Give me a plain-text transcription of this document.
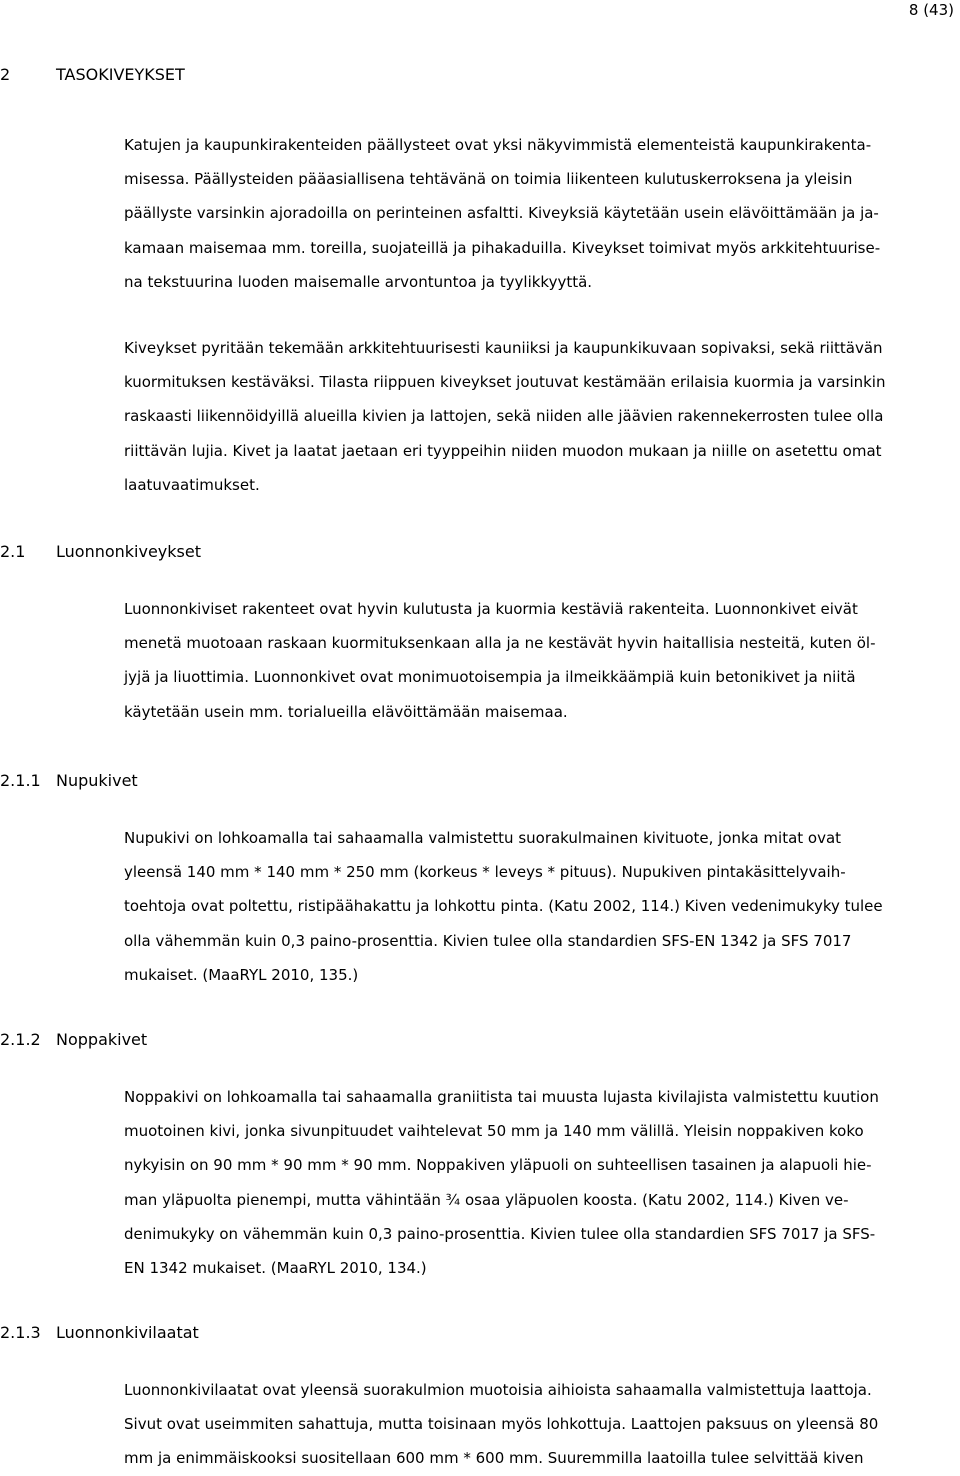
8 (43)
2	TASOKIVEYKSET
Katujen ja kaupunkirakenteiden päällysteet ovat yksi näkyvimmistä elementeistä kaupunkirakenta-
misessa. Päällysteiden pääasiallisena tehtävänä on toimia liikenteen kulutuskerroksena ja yleisin
päällyste varsinkin ajoradoilla on perinteinen asfaltti. Kiveyksiä käytetään usein elävöittämään ja ja-
kamaan maisemaa mm. toreilla, suojateillä ja pihakaduilla. Kiveykset toimivat myös arkkitehtuurise-
na tekstuurina luoden maisemalle arvontuntoa ja tyylikkyyttä.
Kiveykset pyritään tekemään arkkitehtuurisesti kauniiksi ja kaupunkikuvaan sopivaksi, sekä riittävän
kuormituksen kestäväksi. Tilasta riippuen kiveykset joutuvat kestämään erilaisia kuormia ja varsinkin
raskaasti liikennöidyillä alueilla kivien ja lattojen, sekä niiden alle jäävien rakennekerrosten tulee olla
riittävän lujia. Kivet ja laatat jaetaan eri tyyppeihin niiden muodon mukaan ja niille on asetettu omat
laatuvaatimukset.
2.1 Luonnonkiveykset
Luonnonkiviset rakenteet ovat hyvin kulutusta ja kuormia kestäviä rakenteita. Luonnonkivet eivät
menetä muotoaan raskaan kuormituksenkaan alla ja ne kestävät hyvin haitallisia nesteitä, kuten öl-
jyjä ja liuottimia. Luonnonkivet ovat monimuotoisempia ja ilmeikkäämpiä kuin betonikivet ja niitä
käytetään usein mm. torialueilla elävöittämään maisemaa.
2.1.1 Nupukivet
Nupukivi on lohkoamalla tai sahaamalla valmistettu suorakulmainen kivituote, jonka mitat ovat
yleensä 140 mm * 140 mm * 250 mm (korkeus * leveys * pituus). Nupukiven pintakäsittelyvaih-
toehtoja ovat poltettu, ristipäähakattu ja lohkottu pinta. (Katu 2002, 114.) Kiven vedenimukyky tulee
olla vähemmän kuin 0,3 paino-prosenttia. Kivien tulee olla standardien SFS-EN 1342 ja SFS 7017
mukaiset. (MaaRYL 2010, 135.)
2.1.2 Noppakivet
Noppakivi on lohkoamalla tai sahaamalla graniitista tai muusta lujasta kivilajista valmistettu kuution
muotoinen kivi, jonka sivunpituudet vaihtelevat 50 mm ja 140 mm välillä. Yleisin noppakiven koko
nykyisin on 90 mm * 90 mm * 90 mm. Noppakiven yläpuoli on suhteellisen tasainen ja alapuoli hie-
man yläpuolta pienempi, mutta vähintään ¾ osaa yläpuolen koosta. (Katu 2002, 114.) Kiven ve-
denimukyky on vähemmän kuin 0,3 paino-prosenttia. Kivien tulee olla standardien SFS 7017 ja SFS-
EN 1342 mukaiset. (MaaRYL 2010, 134.)
2.1.3 Luonnonkivilaatat
Luonnonkivilaatat ovat yleensä suorakulmion muotoisia aihioista sahaamalla valmistettuja laattoja.
Sivut ovat useimmiten sahattuja, mutta toisinaan myös lohkottuja. Laattojen paksuus on yleensä 80
mm ja enimmäiskooksi suositellaan 600 mm * 600 mm. Suuremmilla laatoilla tulee selvittää kiven
